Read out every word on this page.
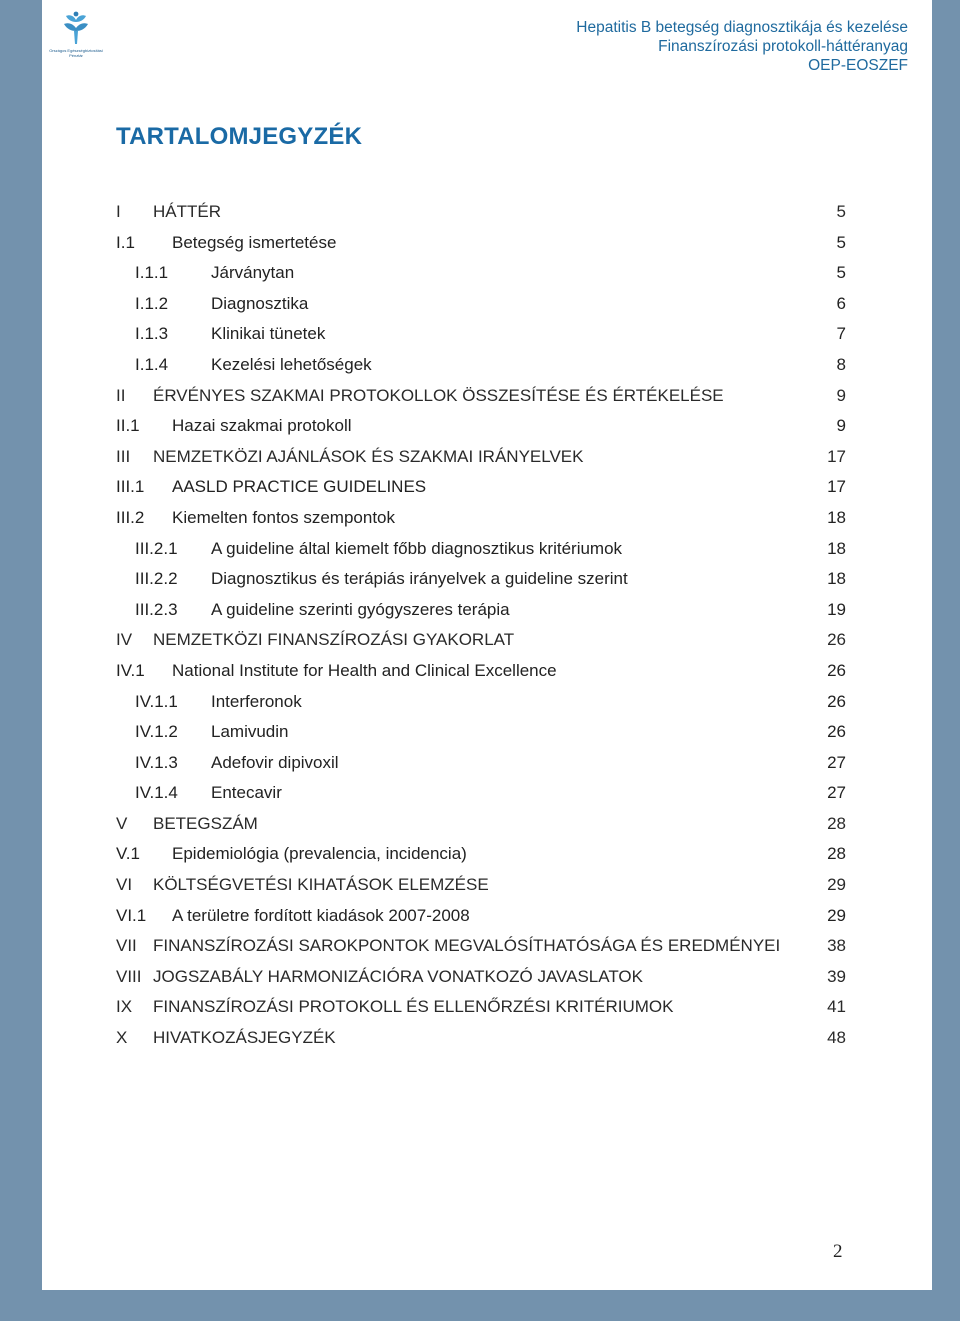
Országos Egészségbiztosítási
Pénztár
Hepatitis B betegség diagnosztikája és kezelése
Finanszírozási protokoll-háttéranyag
OEP-EOSZEF
TARTALOMJEGYZÉK
I HÁTTÉR	5
I.1 Betegség ismertetése	5
I.1.1	Járványtan	5
I.1.2	Diagnosztika	6
I.1.3	Klinikai tünetek	7
I.1.4	Kezelési lehetőségek	8
II ÉRVÉNYES SZAKMAI PROTOKOLLOK ÖSSZESÍTÉSE ÉS ÉRTÉKELÉSE	9
II.1 Hazai szakmai protokoll	9
III NEMZETKÖZI AJÁNLÁSOK ÉS SZAKMAI IRÁNYELVEK	17
III.1 AASLD PRACTICE GUIDELINES	17
III.2 Kiemelten fontos szempontok	18
III.2.1 A guideline által kiemelt főbb diagnosztikus kritériumok	18
III.2.2 Diagnosztikus és terápiás irányelvek a guideline szerint	18
III.2.3 A guideline szerinti gyógyszeres terápia	19
IV NEMZETKÖZI FINANSZÍROZÁSI GYAKORLAT	26
IV.1 National Institute for Health and Clinical Excellence	26
IV.1.1 Interferonok	26
IV.1.2 Lamivudin	26
IV.1.3 Adefovir dipivoxil	27
IV.1.4 Entecavir	27
V BETEGSZÁM	28
V.1 Epidemiológia (prevalencia, incidencia)	28
VI KÖLTSÉGVETÉSI KIHATÁSOK ELEMZÉSE	29
VI.1 A területre fordított kiadások 2007-2008	29
VII FINANSZÍROZÁSI SAROKPONTOK MEGVALÓSÍTHATÓSÁGA ÉS EREDMÉNYEI	38
VIII JOGSZABÁLY HARMONIZÁCIÓRA VONATKOZÓ JAVASLATOK	39
IX FINANSZÍROZÁSI PROTOKOLL ÉS ELLENŐRZÉSI KRITÉRIUMOK	41
X HIVATKOZÁSJEGYZÉK	48
2
